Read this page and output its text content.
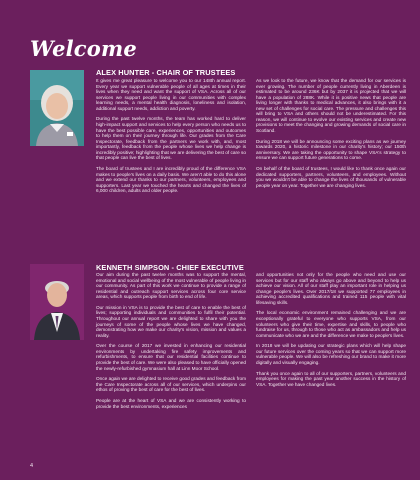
Welcome
ALEX HUNTER - CHAIR OF TRUSTEES

It gives me great pleasure to welcome you to our 148th annual report. Every year we support vulnerable people of all ages at times in their lives when they need and want the support of VSA. Across all of our services we support people living in our communities with complex learning needs, a mental health diagnosis, loneliness and isolation, additional support needs, addiction and poverty.

During the past twelve months, the team has worked hard to deliver high-impact support and services to help every person who needs us to have the best possible care, experiences, opportunities and outcomes to help them on their journey through life. Our grades from the Care Inspectorate, feedback from the partners we work with, and, most importantly, feedback from the people whose lives we help change is incredibly positive; highlighting that we are delivering the best of care so that people can live the best of lives.

The board of trustees and I are incredibly proud of the difference VSA makes to people's lives on a daily basis. We aren't able to do this alone and we extend our thanks to our partners, volunteers, employees and supporters. Last year we touched the hearts and changed the lives of 6,000 children, adults and older people.

As we look to the future, we know that the demand for our services is ever growing. The number of people currently living in Aberdeen is estimated to be around 236K but by 2037 it is projected that we will have a population of 288K. While it is positive news that people are living longer with thanks to medical advances, it also brings with it a new set of challenges for social care. The pressure and challenges this will bring to VSA and others should not be underestimated. For this reason, we will continue to evolve our existing services and create new provisions to meet the changing and growing demands of social care in Scotland.

During 2018 we will be announcing some exciting plans as we journey towards 2020, a historic milestone in our charity's history; our 150th anniversary. We are taking the opportunity to shape VSA's strategy to ensure we can support future generations to come.

On behalf of the board of trustees, I would like to thank once again our dedicated supporters, partners, volunteers, and employees. Without you we wouldn't be able to change the lives of thousands of vulnerable people year on year. Together we are changing lives.

KENNETH SIMPSON - CHIEF EXECUTIVE

Our aim during the past twelve months was to support the mental, emotional and social wellbeing of the most vulnerable of people living in our community. As part of this work we continue to provide a range of residential and outreach support services across four core service areas, which supports people from birth to end of life.

Our mission in VSA is to provide the best of care to enable the best of lives; supporting individuals and communities to fulfil their potential. Throughout our annual report we are delighted to share with you the journeys of some of the people whose lives we have changed, demonstrating how we make our charity's vision, mission and values a reality.

Over the course of 2017 we invested in enhancing our residential environments by undertaking fire safety improvements and refurbishments, to ensure that our residential facilities continue to provide the best of care. We were also pleased to have officially opened the newly-refurbished gymnasium hall at Linn Moor School.

Once again we are delighted to receive good grades and feedback from the Care Inspectorate across all of our services, which underpins our ethos of proving the best of care for the best of lives.

People are at the heart of VSA and we are consistently working to provide the best environments, experiences

and opportunities not only for the people who need and use our services but for our staff who always go above and beyond to help us achieve our vision. All of our staff play an important role in helping us change people's lives. Over 2017/18 we supported 77 employees in achieving accredited qualifications and trained 115 people with vital lifesaving skills.

The local economic environment remained challenging and we are exceptionally grateful to everyone who supports VSA, from our volunteers who give their time, expertise and skills, to people who fundraise for us, through to those who act as ambassadors and help us communicate who we are and the difference we make to people's lives.

In 2018 we will be updating our strategic plans which will help shape our future services over the coming years so that we can support more vulnerable people. We will also be refreshing our brand to make it more digitally and visually engaging.

Thank you once again to all of our supporters, partners, volunteers and employees for making the past year another success in the history of VSA. Together we have changed lives.

4
